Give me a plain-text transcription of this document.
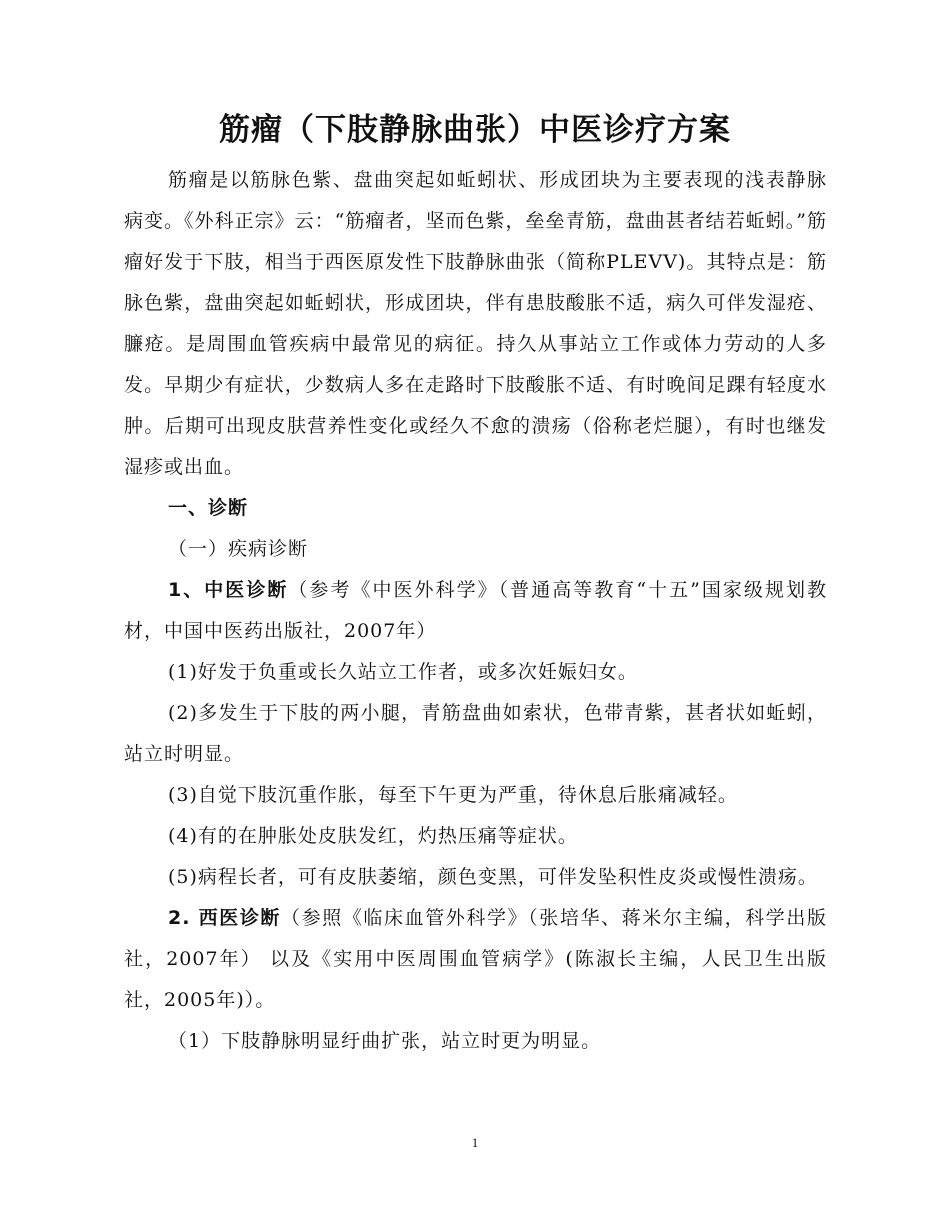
筋瘤（下肢静脉曲张）中医诊疗方案

筋瘤是以筋脉色紫、盘曲突起如蚯蚓状、形成团块为主要表现的浅表静脉病变。《外科正宗》云：“筋瘤者，坚而色紫，垒垒青筋，盘曲甚者结若蚯蚓。”筋瘤好发于下肢，相当于西医原发性下肢静脉曲张（简称PLEVV)。其特点是：筋脉色紫，盘曲突起如蚯蚓状，形成团块，伴有患肢酸胀不适，病久可伴发湿疮、臁疮。是周围血管疾病中最常见的病征。持久从事站立工作或体力劳动的人多发。早期少有症状，少数病人多在走路时下肢酸胀不适、有时晚间足踝有轻度水肿。后期可出现皮肤营养性变化或经久不愈的溃疡（俗称老烂腿），有时也继发湿疹或出血。

一、诊断

（一）疾病诊断

1、中医诊断（参考《中医外科学》（普通高等教育“十五”国家级规划教材，中国中医药出版社，2007年）

(1)好发于负重或长久站立工作者，或多次妊娠妇女。

(2)多发生于下肢的两小腿，青筋盘曲如索状，色带青紫，甚者状如蚯蚓，站立时明显。

(3)自觉下肢沉重作胀，每至下午更为严重，待休息后胀痛减轻。

(4)有的在肿胀处皮肤发红，灼热压痛等症状。

(5)病程长者，可有皮肤萎缩，颜色变黑，可伴发坠积性皮炎或慢性溃疡。

2. 西医诊断（参照《临床血管外科学》（张培华、蒋米尔主编，科学出版社，2007年） 以及《实用中医周围血管病学》(陈淑长主编，人民卫生出版社，2005年)）。

（1）下肢静脉明显纡曲扩张，站立时更为明显。

1
